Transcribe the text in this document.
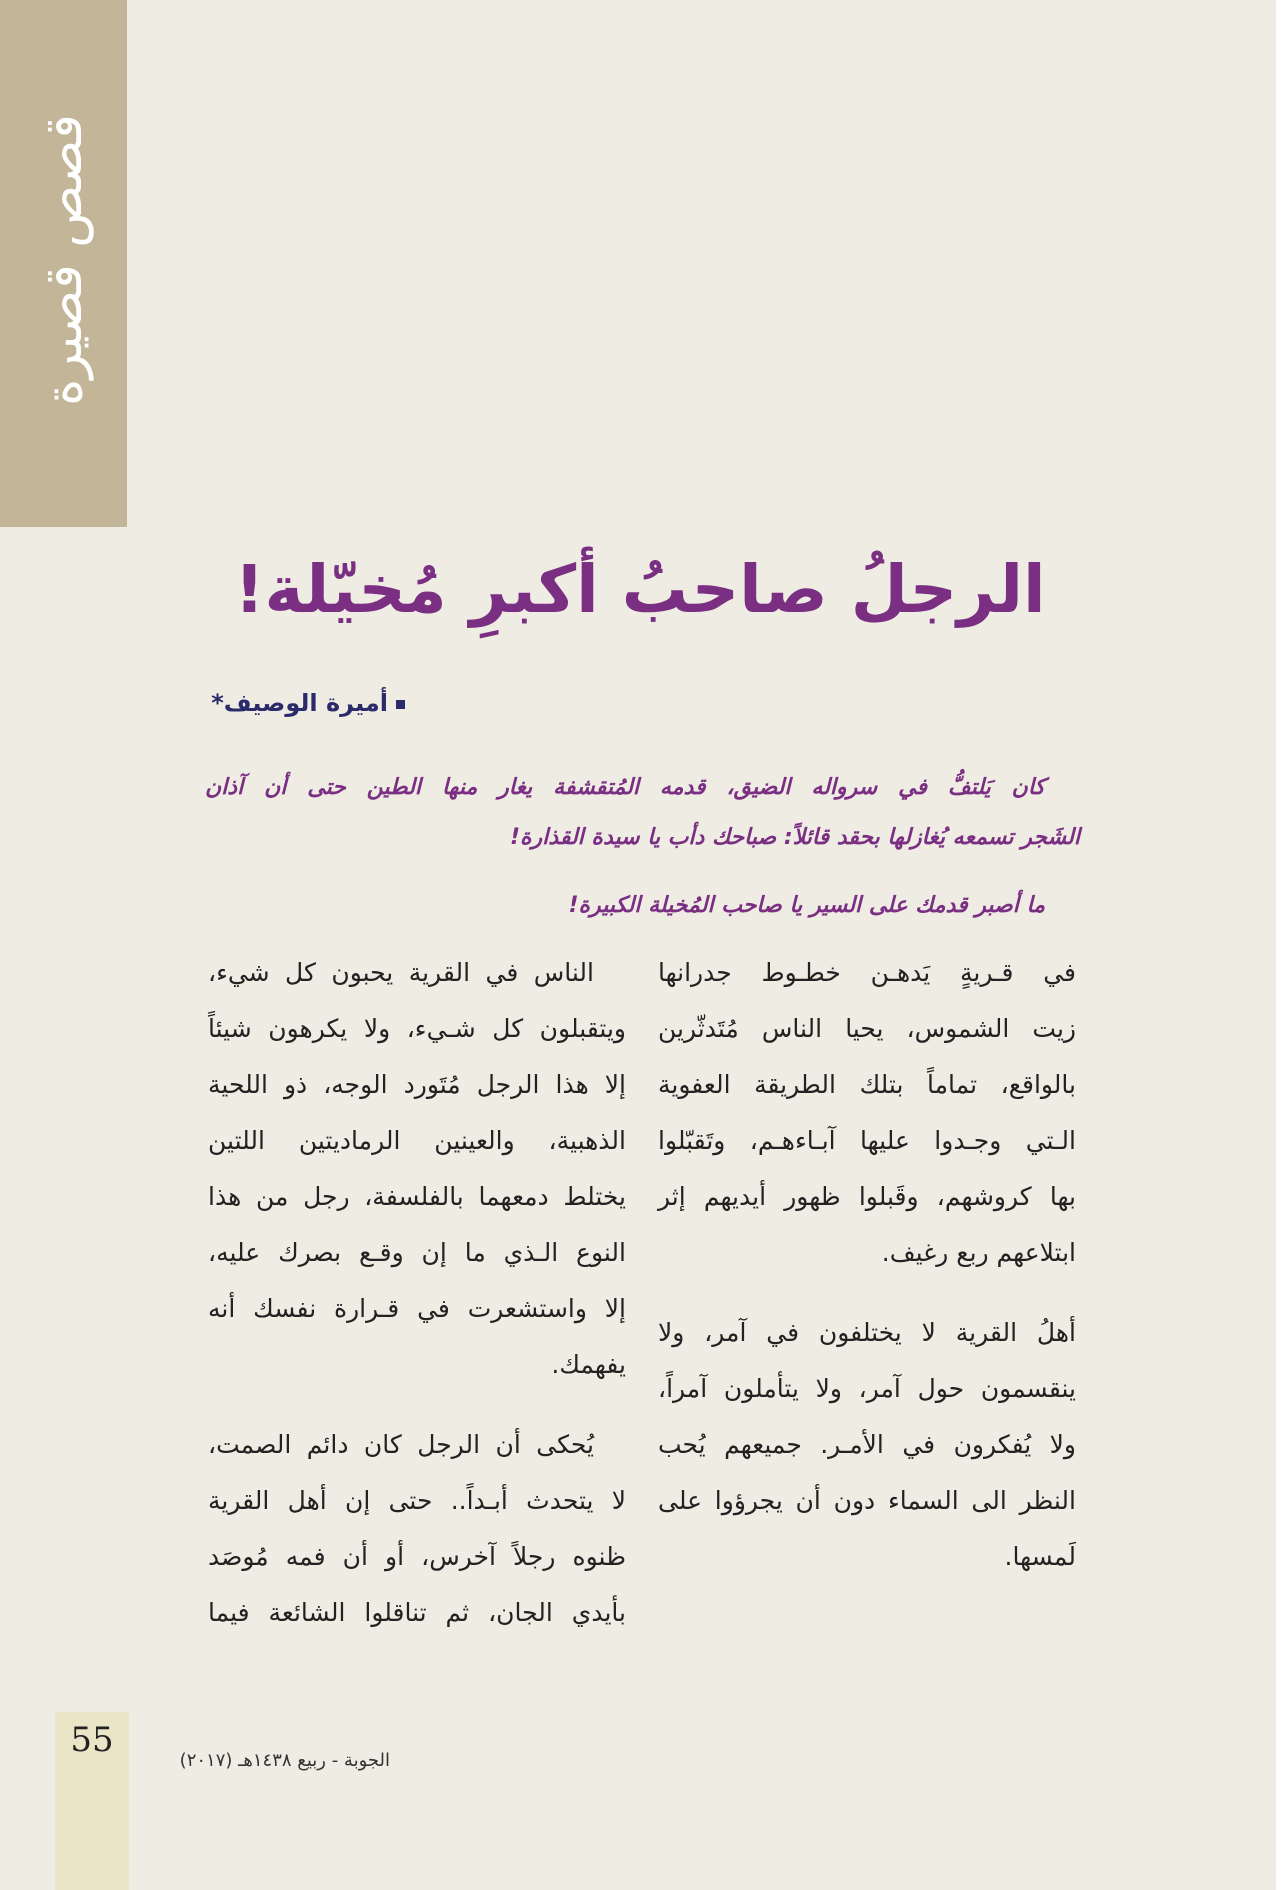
قصص قصيرة
الرجلُ صاحبُ أكبرِ مُخيّلة!
أميرة الوصيف*
كان يَلتفُّ في سرواله الضيق، قدمه المُتقشفة يغار منها الطين حتى أن آذان
الشَجر تسمعه يُغازلها بحقد قائلاً: صباحك دأب يا سيدة القذارة!
ما أصبر قدمك على السير يا صاحب المُخيلة الكبيرة!
في قـريةٍ يَدهـن خطـوط جدرانها
زيت الشموس، يحيا الناس مُتَدثّرين
بالواقع، تماماً بتلك الطريقة العفوية
الـتي وجـدوا عليها آبـاءهـم، وتَقبّلوا
بها كروشهم، وقَبلوا ظهور أيديهم إثر
ابتلاعهم ربع رغيف.
أهلُ القرية لا يختلفون في آمر، ولا
ينقسمون حول آمر، ولا يتأملون آمراً،
ولا يُفكرون في الأمـر. جميعهم يُحب
النظر الى السماء دون أن يجرؤوا على
لَمسها.
الناس في القرية يحبون كل شيء،
ويتقبلون كل شـيء، ولا يكرهون شيئاً
إلا هذا الرجل مُتَورد الوجه، ذو اللحية
الذهبية، والعينين الرماديتين اللتين
يختلط دمعهما بالفلسفة، رجل من هذا
النوع الـذي ما إن وقـع بصرك عليه،
إلا واستشعرت في قـرارة نفسك أنه
يفهمك.
يُحكى أن الرجل كان دائم الصمت،
لا يتحدث أبـداً.. حتى إن أهل القرية
ظنوه رجلاً آخرس، أو أن فمه مُوصَد
بأيدي الجان، ثم تناقلوا الشائعة فيما
55
الجوبة - ربيع ١٤٣٨هـ (٢٠١٧)
